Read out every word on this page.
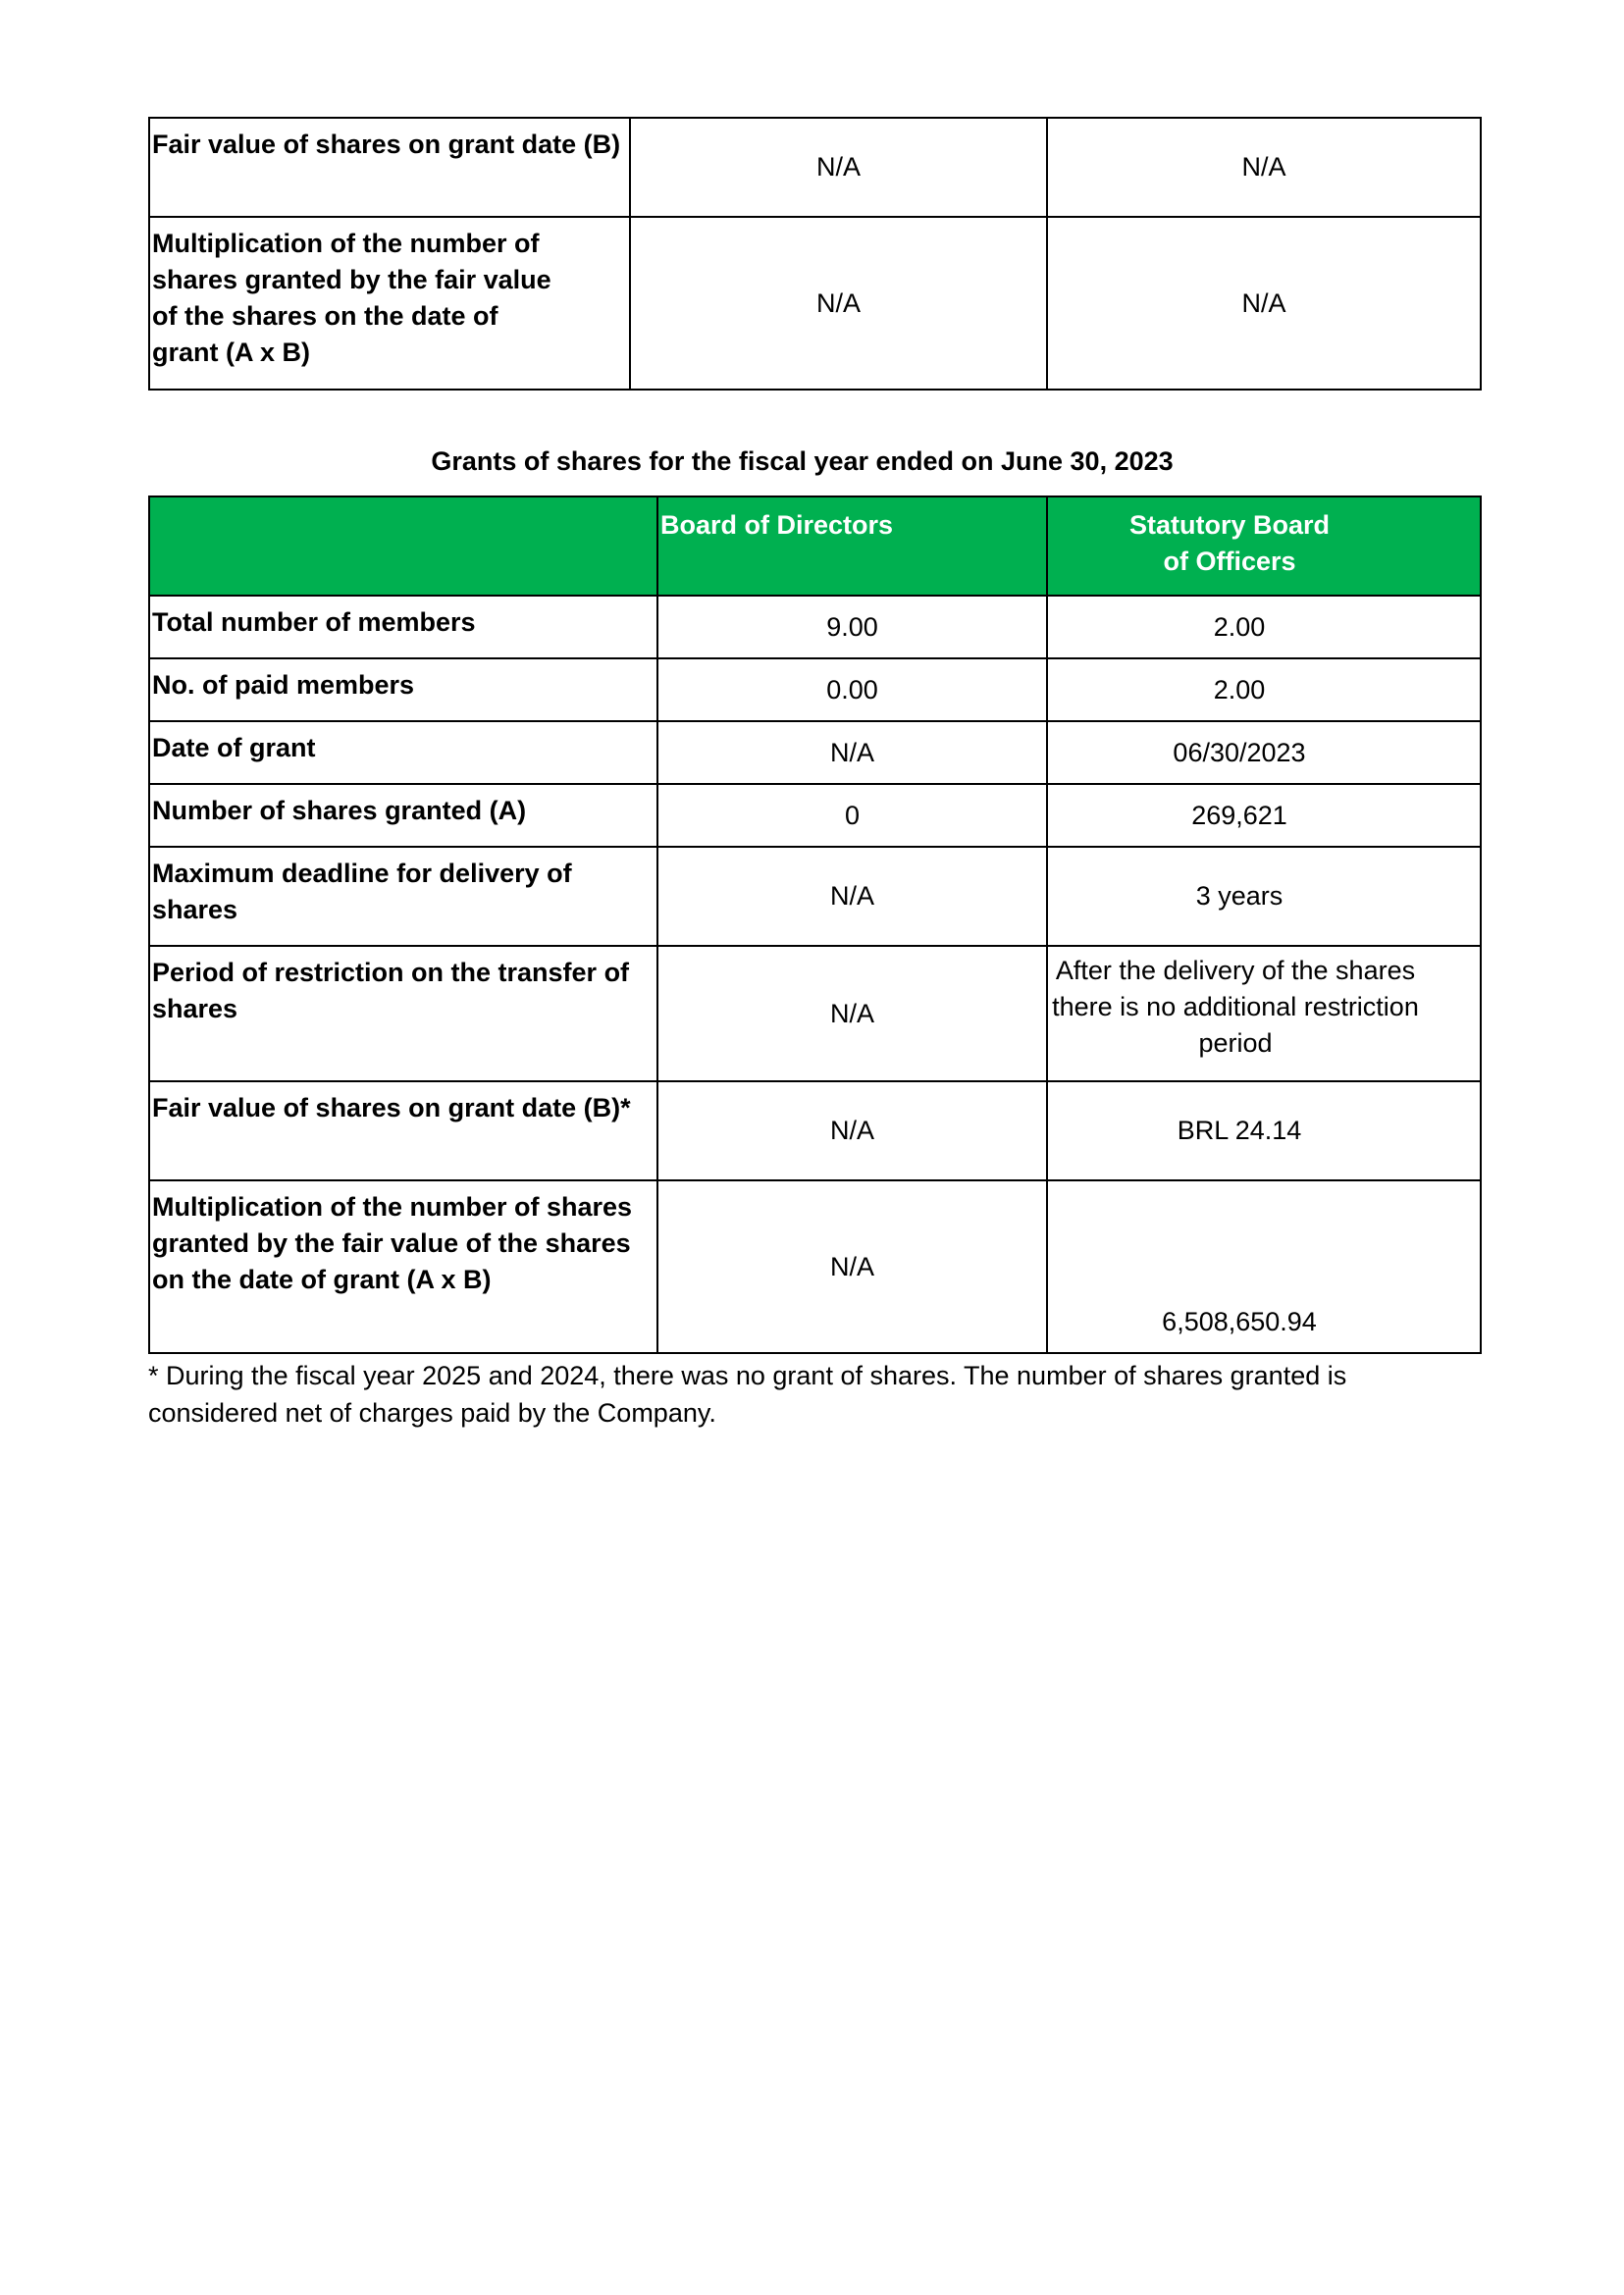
Fair value of shares on grant date (B)	N/A	N/A
Multiplication of the number of shares granted by the fair value of the shares on the date of grant (A x B)	N/A	N/A
Grants of shares for the fiscal year ended on June 30, 2023
	Board of Directors	Statutory Board of Officers
Total number of members	9.00	2.00
No. of paid members	0.00	2.00
Date of grant	N/A	06/30/2023
Number of shares granted (A)	0	269,621
Maximum deadline for delivery of shares	N/A	3 years
Period of restriction on the transfer of shares	N/A	After the delivery of the shares there is no additional restriction period
Fair value of shares on grant date (B)*	N/A	BRL 24.14
Multiplication of the number of shares granted by the fair value of the shares on the date of grant (A x B)	N/A	6,508,650.94
* During the fiscal year 2025 and 2024, there was no grant of shares. The number of shares granted is considered net of charges paid by the Company.
